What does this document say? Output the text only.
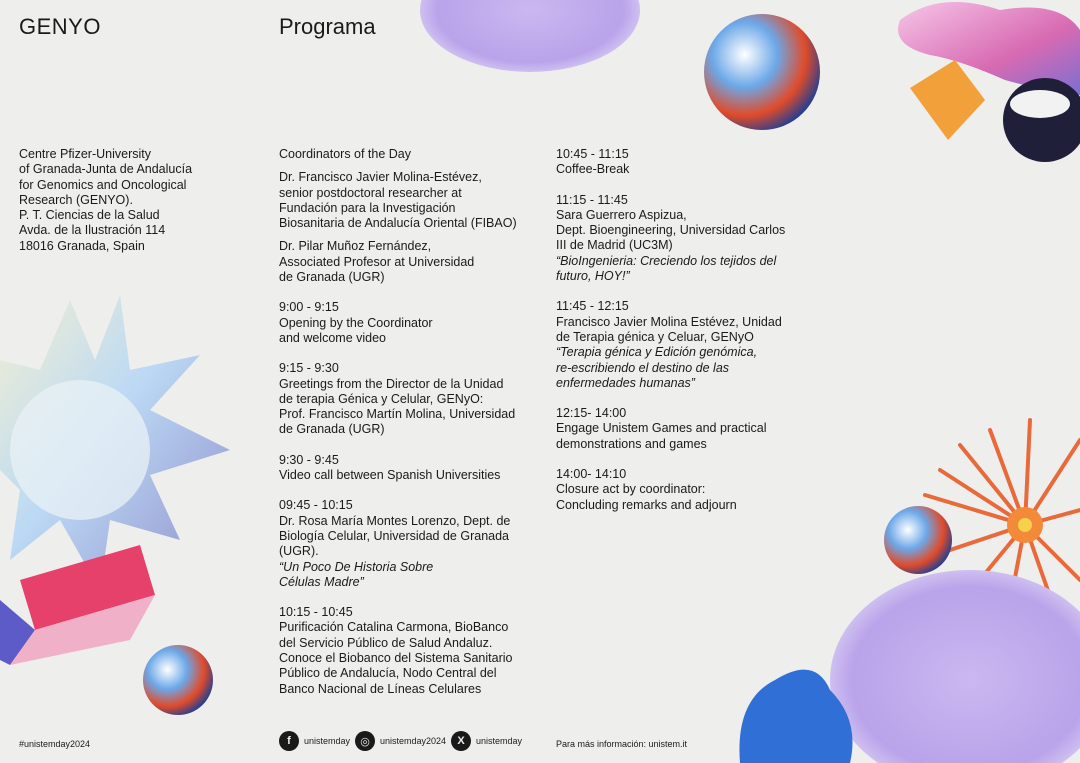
GENYO	Programa
Centre Pfizer-University
of Granada-Junta de Andalucía
for Genomics and Oncological
Research (GENYO).
P. T. Ciencias de la Salud
Avda. de la Ilustración 114
18016 Granada, Spain
Coordinators of the Day
Dr. Francisco Javier Molina-Estévez,
senior postdoctoral researcher at
Fundación para la Investigación
Biosanitaria de Andalucía Oriental (FIBAO)
Dr. Pilar Muñoz Fernández,
Associated Profesor at Universidad
de Granada (UGR)
9:00 - 9:15
Opening by the Coordinator
and welcome video
9:15 - 9:30
Greetings from the Director de la Unidad
de terapia Génica y Celular, GENyO:
Prof. Francisco Martín Molina, Universidad
de Granada (UGR)
9:30 - 9:45
Video call between Spanish Universities
09:45 - 10:15
Dr. Rosa María Montes Lorenzo, Dept. de
Biología Celular, Universidad de Granada
(UGR).
“Un Poco De Historia Sobre
Células Madre”
10:15 - 10:45
Purificación Catalina Carmona, BioBanco
del Servicio Público de Salud Andaluz.
Conoce el Biobanco del Sistema Sanitario
Público de Andalucía, Nodo Central del
Banco Nacional de Líneas Celulares
10:45 - 11:15
Coffee-Break
11:15 - 11:45
Sara Guerrero Aspizua,
Dept. Bioengineering, Universidad Carlos
III de Madrid (UC3M)
“BioIngenieria: Creciendo los tejidos del
futuro, HOY!”
11:45 - 12:15
Francisco Javier Molina Estévez, Unidad
de Terapia génica y Celuar, GENyO
“Terapia génica y Edición genómica,
re-escribiendo el destino de las
enfermedades humanas”
12:15- 14:00
Engage Unistem Games and practical
demonstrations and games
14:00- 14:10
Closure act by coordinator:
Concluding remarks and adjourn
#unistemday2024	f	unistemday ◎	unistemday2024	X	unistemday	Para más información: unistem.it
